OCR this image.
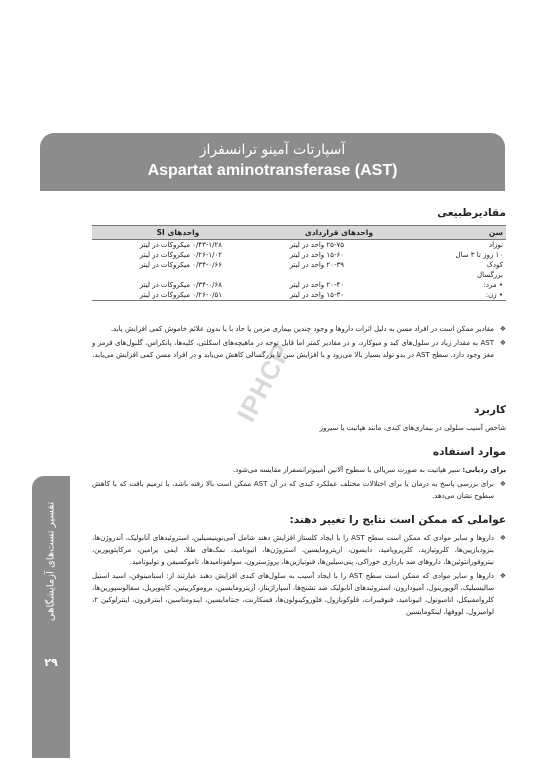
آسپارتات آمینو ترانسفراز
Aspartat aminotransferase (AST)
IPHCP
مقادیرطبیعی
سن	واحدهای قراردادی	واحدهای SI
نوزاد	۲۵-۷۵ واحد در لیتر	۰/۴۳-۱/۲۸ میکروکات در لیتر
۱۰ روز تا ۳ سال	۱۵-۶۰ واحد در لیتر	۰/۲۶-۱/۰۲ میکروکات در لیتر
کودک	۲۰-۳۹ واحد در لیتر	۰/۳۴-۰/۶۶ میکروکات در لیتر
بزرگسال		
• مرد:	۲۰-۴۰ واحد در لیتر	۰/۳۴-۰/۶۸ میکروکات در لیتر
• زن:	۱۵-۳۰ واحد در لیتر	۰/۲۶-۰/۵۱ میکروکات در لیتر
❖ مقادیر ممکن است در افراد مسن به دلیل اثرات داروها و وجود چندین بیماری مزمن یا حاد با یا بدون علائم خاموش کمی افزایش یابد.
❖ AST به مقدار زیاد در سلول‌های کبد و میوکارد، و در مقادیر کمتر اما قابل توجه در ماهیچه‌های اسکلتی، کلیه‌ها، پانکراس، گلبول‌های قرمز و مغز وجود دارد. سطح AST در بدو تولد بسیار بالا می‌رود و با افزایش سن تا بزرگسالی کاهش می‌یابد و در افراد مسن کمی افزایش می‌یابد.
کاربرد
شاخص آسیب سلولی در بیماری‌های کبدی، مانند هپاتیت یا سیروز
موارد استفاده
برای ردیابی: سیر هپاتیت به صورت سریالی با سطوح آلانین آمینوترانسفراز مقایسه می‌شود.
❖ برای بررسی پاسخ به درمان یا برای اختلالات مختلف عملکرد کبدی که در آن AST ممکن است بالا رفته باشد، با ترمیم بافت که با کاهش سطوح نشان می‌دهد.
عواملی که ممکن است نتایج را تغییر دهند:
❖ داروها و سایر موادی که ممکن است سطح AST را با ایجاد کلستاز افزایش دهند شامل آمی‌نوپنیسیلین، استروئیدهای آنابولیک، آندروژن‌ها، بنزودیازپین‌ها، کلروتیازید، کلرپروپامید، دایسون، اریترومایسین، استروژن‌ها، اتیونامید، نمک‌های طلا، ایمی پرامین، مرکاپتوپورین، نیتروفورانتوئین‌ها، داروهای ضد بارداری خوراکی، پنی‌سیلین‌ها، فنوتیازین‌ها، پروژسترون، سولفونامیدها، تاموکسیفن و تولبوتامید.
❖ داروها و سایر موادی که ممکن است سطح AST را با ایجاد آسیب به سلول‌های کبدی افزایش دهند عبارتند از: استامینوفن، اسید استیل سالیسیلیک، آلوپورینول، آمیودارون، استروئیدهای آنابولیک ضد تشنج‌ها، آسپاراژیناز، آزیترومایسین، بروموکریپتین، کاپتوپریل، سفالوسپورین‌ها، کلروامفنیکل، اتامبوتول، اتیونامید، فنوفیبرات، فلوکونازول، فلوروکینولون‌ها، فسکارنت، جنتامایسین، ایندومتاسین، اینترفرون، اینترلوکین ۲، لوامیزول، لووفها، لینکومایسین
تفسیر تست‌های آزمایشگاهی
۲۹
